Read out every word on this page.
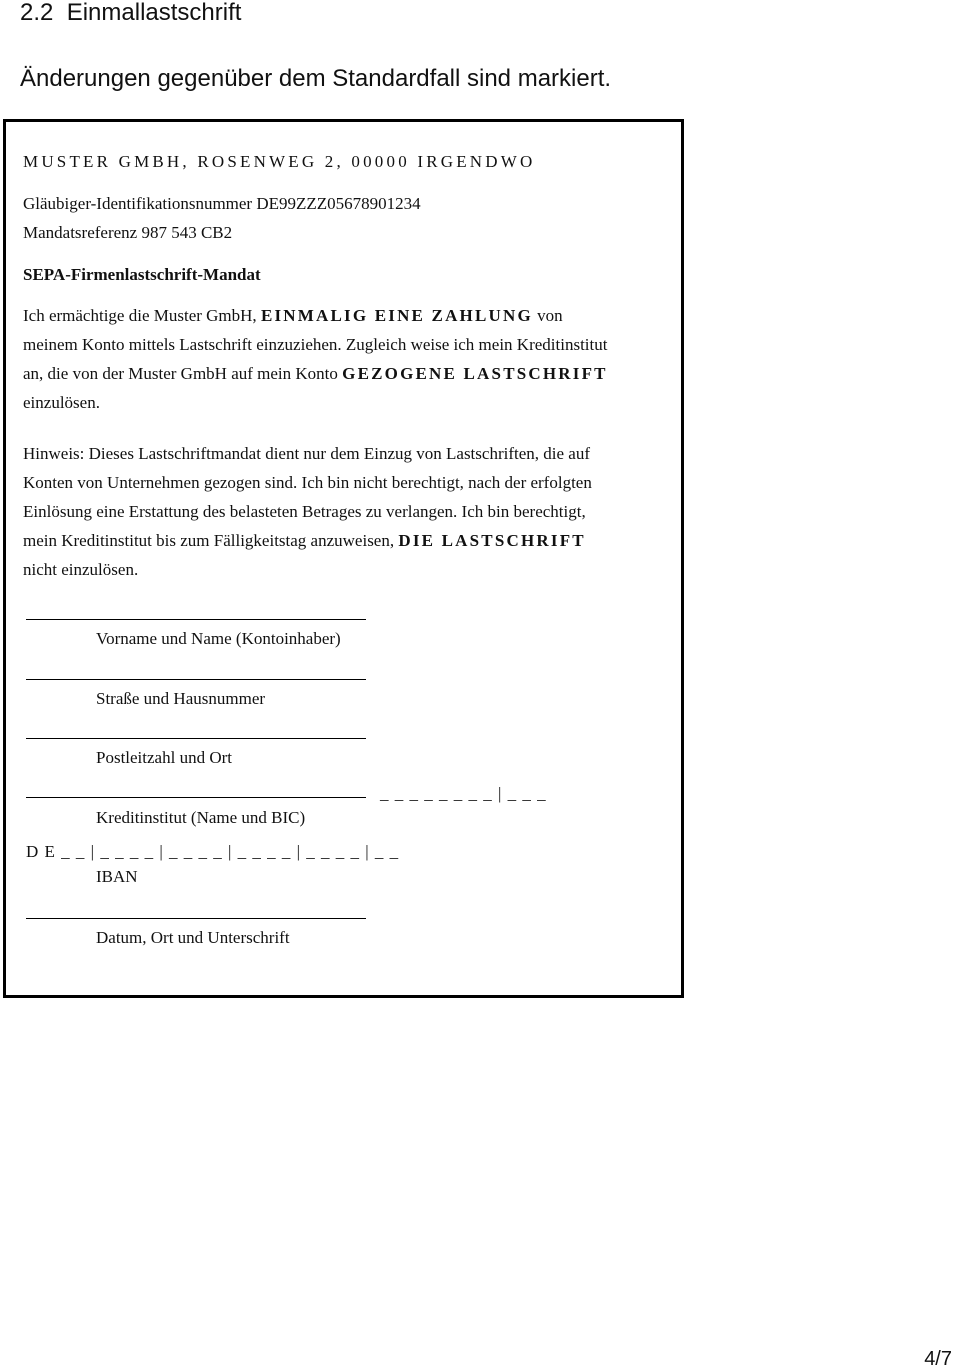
2.2 Einmallastschrift
Änderungen gegenüber dem Standardfall sind markiert.
MUSTER GMBH, ROSENWEG 2, 00000 IRGENDWO
Gläubiger-Identifikationsnummer DE99ZZZ05678901234
Mandatsreferenz 987 543 CB2
SEPA-Firmenlastschrift-Mandat
Ich ermächtige die Muster GmbH, EINMALIG EINE ZAHLUNG von
meinem Konto mittels Lastschrift einzuziehen. Zugleich weise ich mein Kreditinstitut
an, die von der Muster GmbH auf mein Konto GEZOGENE LASTSCHRIFT
einzulösen.
Hinweis: Dieses Lastschriftmandat dient nur dem Einzug von Lastschriften, die auf
Konten von Unternehmen gezogen sind. Ich bin nicht berechtigt, nach der erfolgten
Einlösung eine Erstattung des belasteten Betrages zu verlangen. Ich bin berechtigt,
mein Kreditinstitut bis zum Fälligkeitstag anzuweisen, DIE LASTSCHRIFT
nicht einzulösen.
Vorname und Name (Kontoinhaber)
Straße und Hausnummer
Postleitzahl und Ort
_ _ _ _ _ _ _ _ | _ _ _
Kreditinstitut (Name und BIC)
D E _ _ | _ _ _ _ | _ _ _ _ | _ _ _ _ | _ _ _ _ | _ _
IBAN
Datum, Ort und Unterschrift
4/7
